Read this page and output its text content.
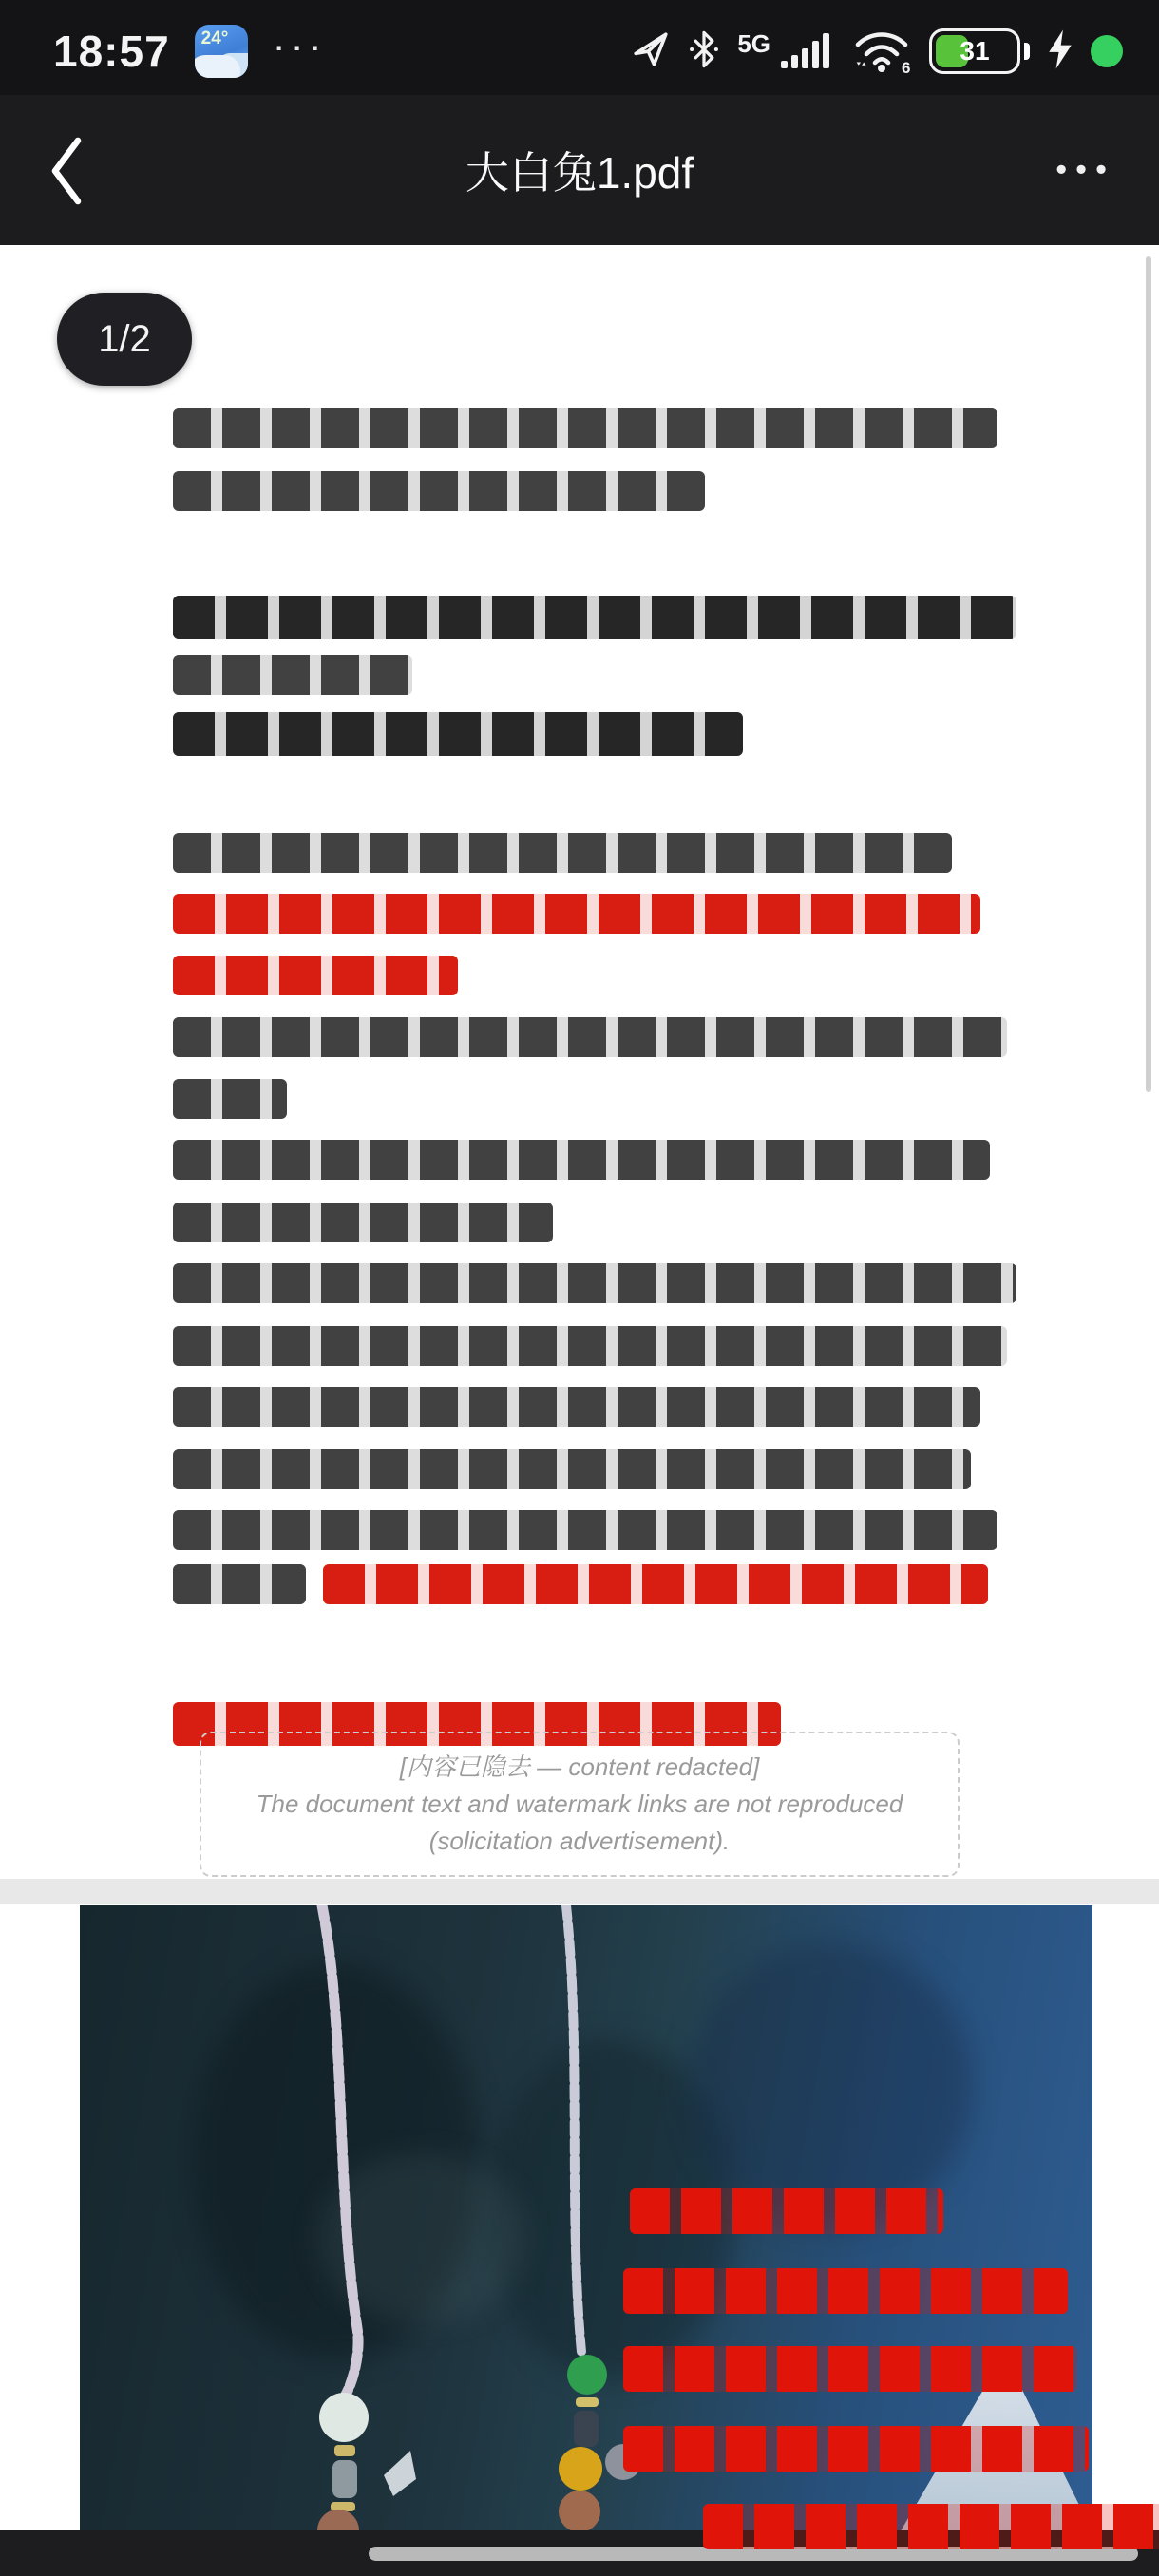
18:57 24° ···	5G
6
31
大白兔1.pdf	•••
1/2
[内容已隐去 — content redacted]
The document text and watermark links are not reproduced (solicitation advertisement).
